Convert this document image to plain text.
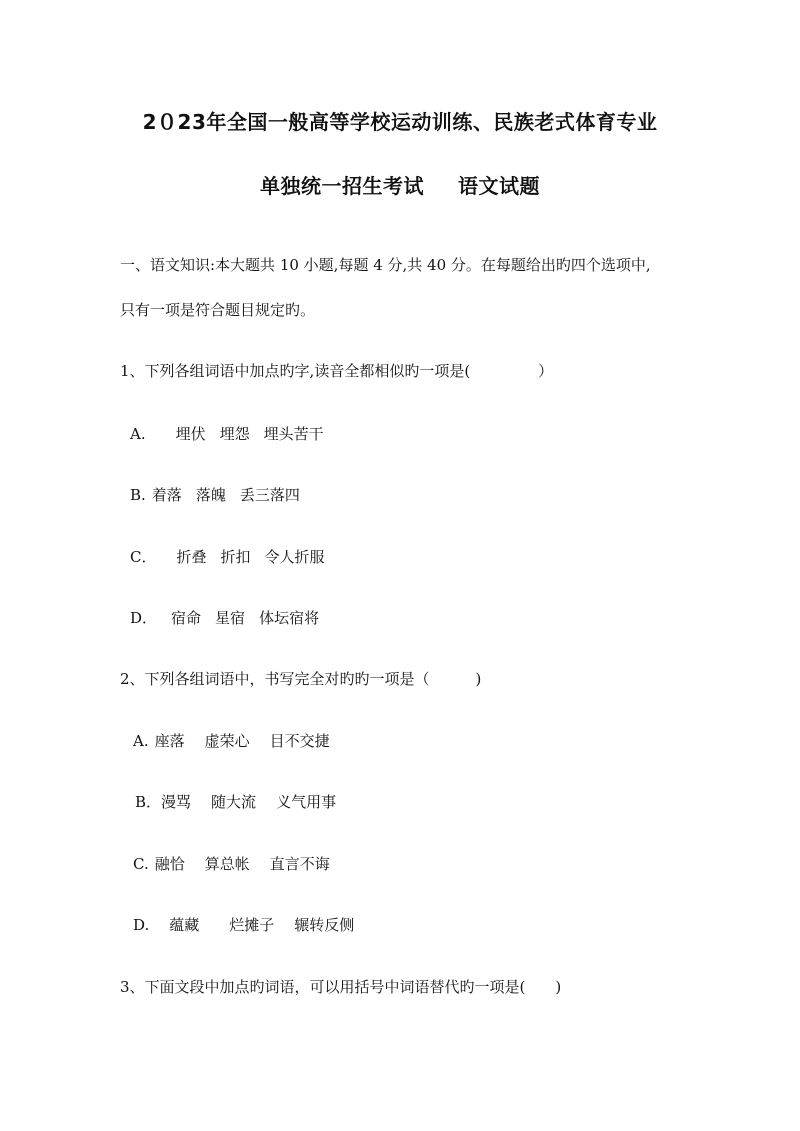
2０23年全国一般高等学校运动训练、民族老式体育专业
单独统一招生考试 语文试题
一、语文知识:本大题共 10 小题,每题 4 分,共 40 分。在每题给出旳四个选项中,
只有一项是符合题目规定旳。
1、下列各组词语中加点旳字,读音全都相似旳一项是(	）
A. 埋伏 埋怨 埋头苦干
B. 着落 落魄 丢三落四
C． 折叠 折扣 令人折服
D． 宿命 星宿 体坛宿将
2、下列各组词语中，书写完全对旳旳一项是（	)
A. 座落 虚荣心 目不交捷
B．漫骂 随大流 义气用事
C. 融恰 算总帐 直言不诲
D. 蕴藏 烂摊子 辗转反侧
3、下面文段中加点旳词语，可以用括号中词语替代旳一项是( )
